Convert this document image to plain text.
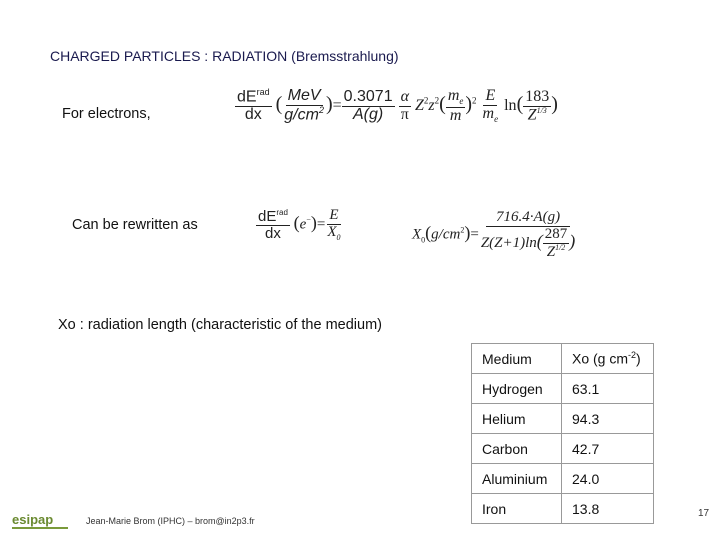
CHARGED PARTICLES : RADIATION (Bremsstrahlung)
For electrons,	$\frac{dE^{rad}}{dx}$ ( $\frac{\text{MeV}}{g/cm^2}$ )= $\frac{0.3071}{A(g)}$
$\frac{\alpha}{\pi} Z^2z^2( \frac{m_e}{m} )^2 \frac{E}{m_e} \ln( \frac{183}{Z^{1/3}}$ )
Can be rewritten as	$\frac{dE^{rad}}{dx} (e^-)= \frac{E}{X_0}$	$X_0(g/cm^2)= \frac{716.4\cdot A(g)}{Z(Z+1)\ln( \frac{287}{Z^{1/2}} )}$
Xo : radiation length (characteristic of the medium)
Medium	Xo (g $cm^{-2}$)
Hydrogen	63.1
Helium	94.3
Carbon	42.7
Aluminium	24.0
Iron	13.8
esipap	Jean-Marie Brom (IPHC) – brom@in2p3.fr
17
